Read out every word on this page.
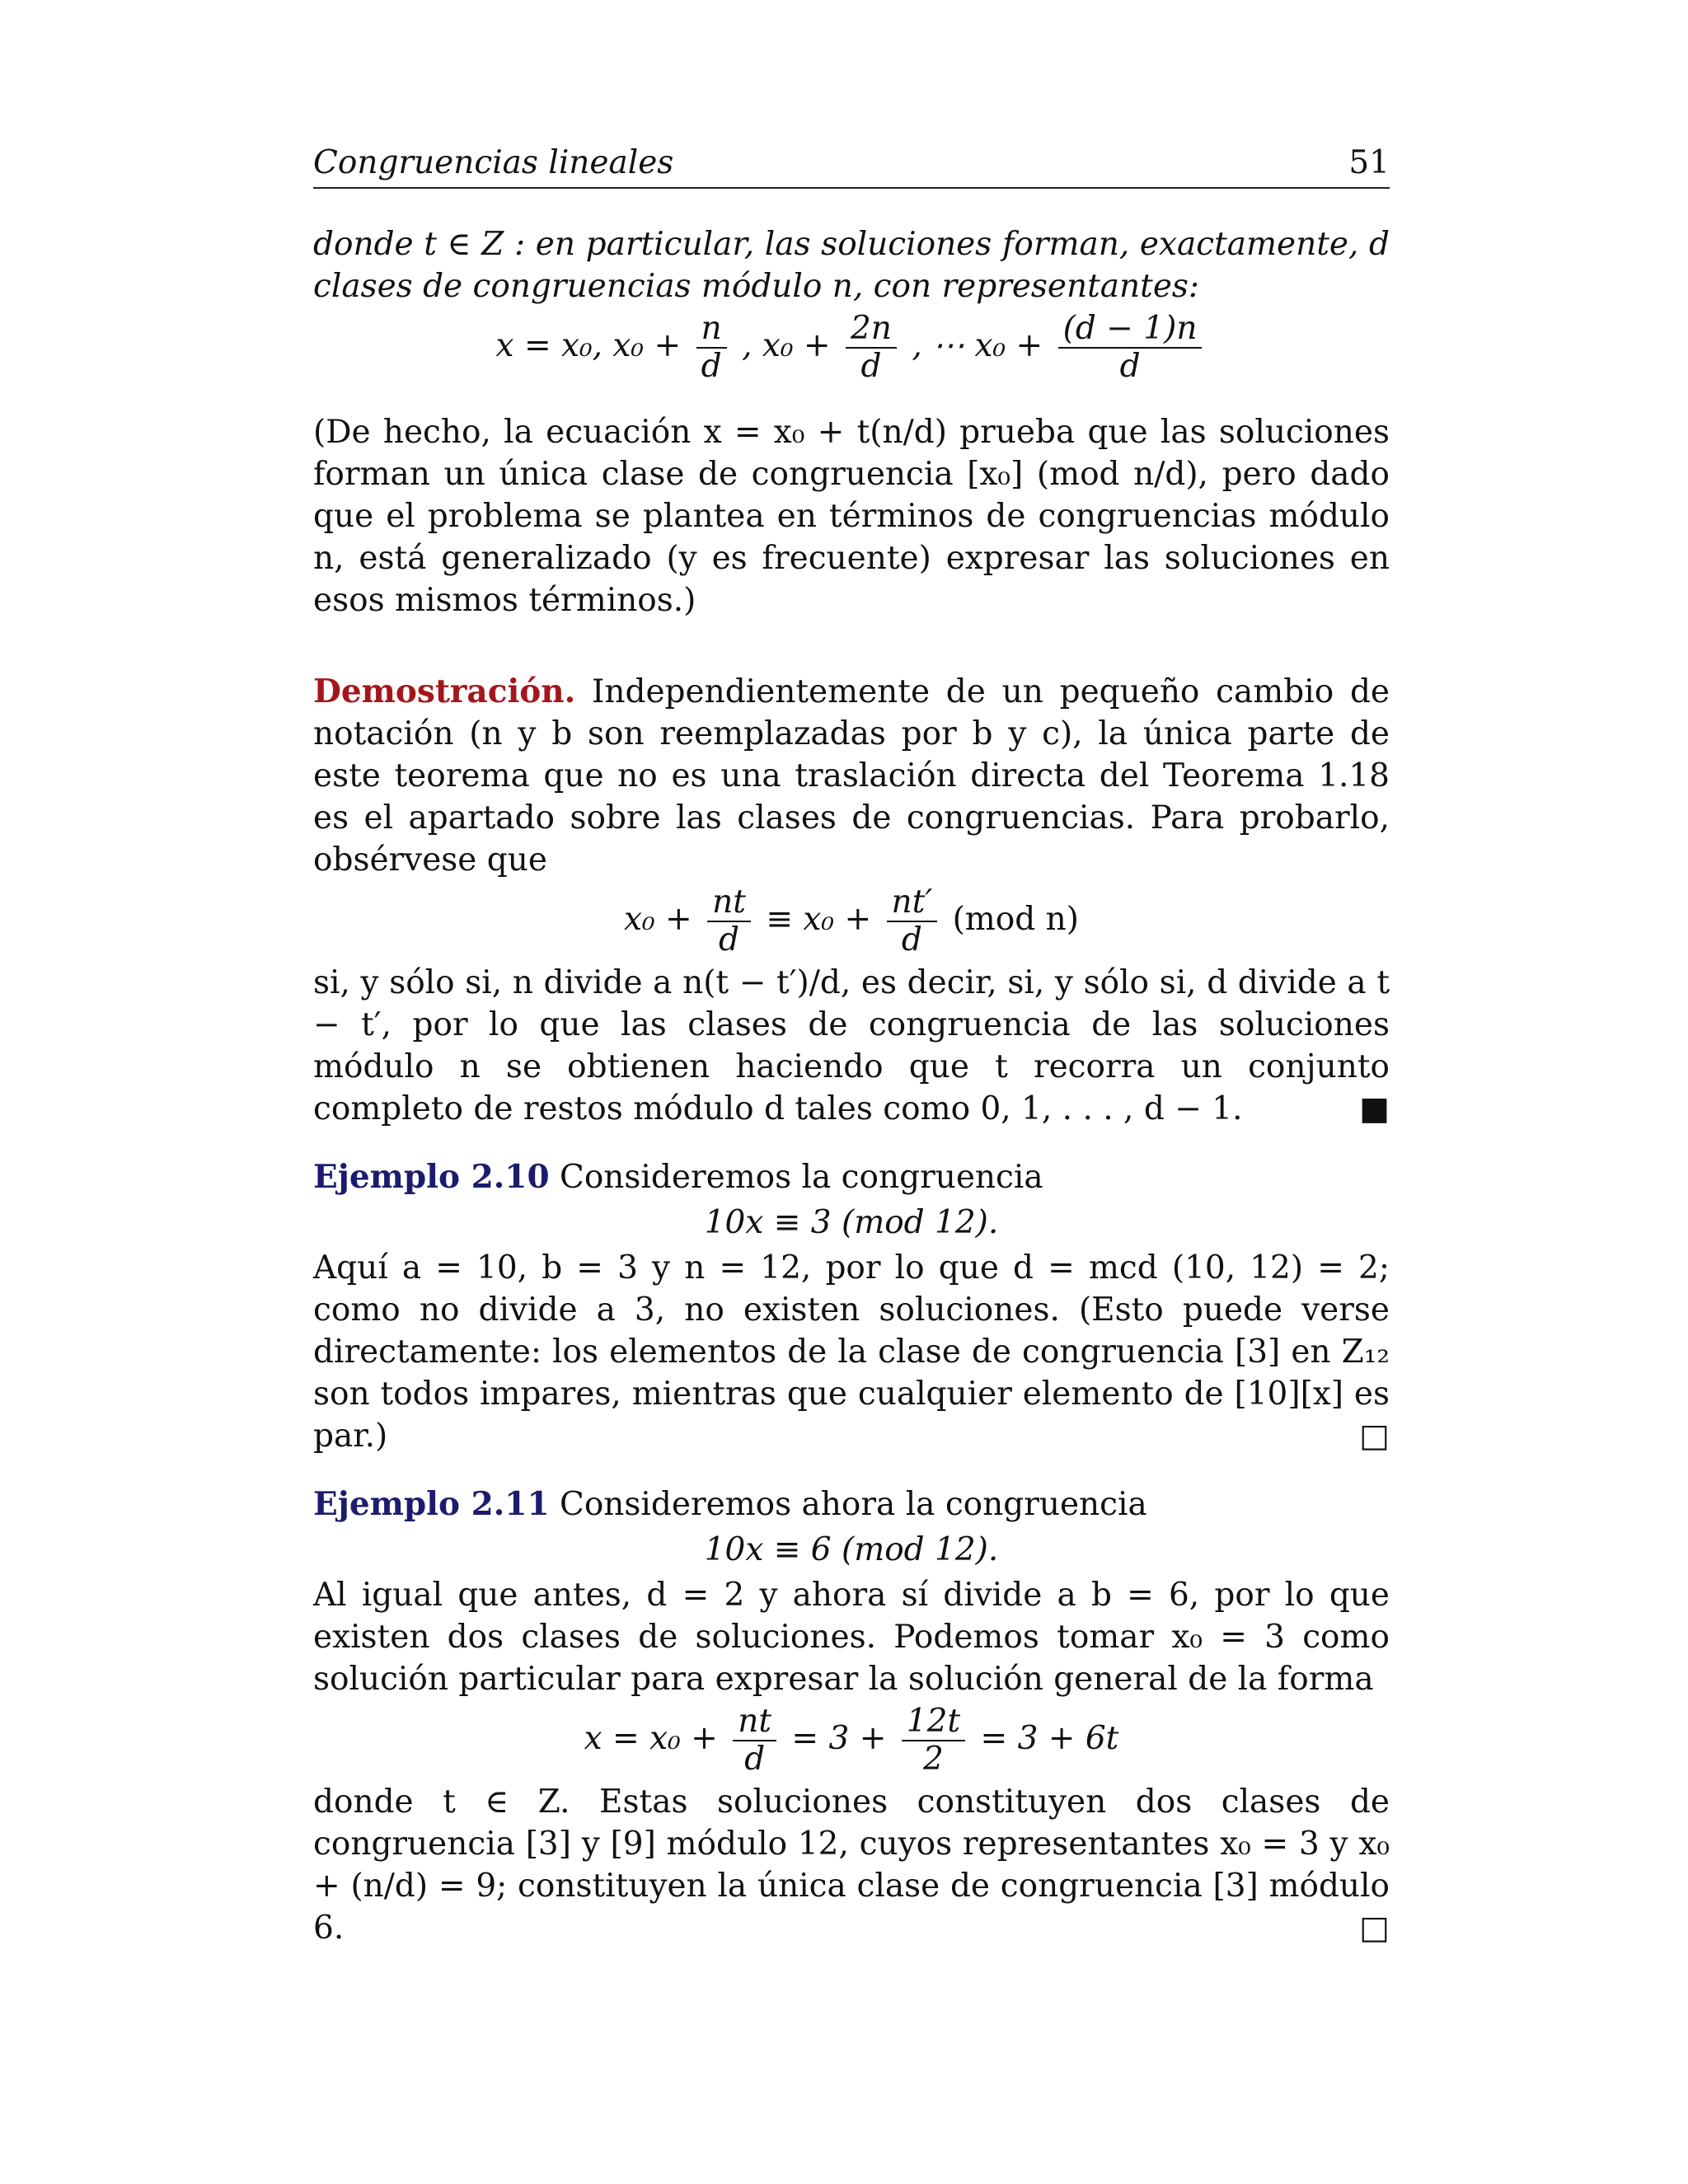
Congruencias lineales	51

donde t ∈ Z : en particular, las soluciones forman, exactamente, d clases de congruencias módulo n, con representantes:

x = x₀, $x_0 + \frac{n}{d}$ , $x_0 + \frac{2n}{d}$ , ⋯ $x_0 + \frac{(d - 1)n}{d}$

(De hecho, la ecuación x = x₀ + t(n/d) prueba que las soluciones forman un única clase de congruencia [x₀] (mod n/d), pero dado que el problema se plantea en términos de congruencias módulo n, está generalizado (y es frecuente) expresar las soluciones en esos mismos términos.)

Demostración. Independientemente de un pequeño cambio de notación (n y b son reemplazadas por b y c), la única parte de este teorema que no es una traslación directa del Teorema 1.18 es el apartado sobre las clases de congruencias. Para probarlo, obsérvese que

$x_0 + \frac{nt}{d} \equiv x_0 + \frac{nt'}{d} (mod$ n)

si, y sólo si, n divide a n(t − t′)/d, es decir, si, y sólo si, d divide a t − t′, por lo que las clases de congruencia de las soluciones módulo n se obtienen haciendo que t recorra un conjunto completo de restos módulo d tales como 0, 1, . . . , d − 1.	■

Ejemplo 2.10 Consideremos la congruencia

10x ≡ 3 (mod 12).

Aquí a = 10, b = 3 y n = 12, por lo que d = mcd (10, 12) = 2; como no divide a 3, no existen soluciones. (Esto puede verse directamente: los elementos de la clase de congruencia [3] en Z₁₂ son todos impares, mientras que cualquier elemento de [10][x] es par.)	□

Ejemplo 2.11 Consideremos ahora la congruencia

10x ≡ 6 (mod 12).

Al igual que antes, d = 2 y ahora sí divide a b = 6, por lo que existen dos clases de soluciones. Podemos tomar x₀ = 3 como solución particular para expresar la solución general de la forma

$x = x_0 + \frac{nt}{d} = 3 + \frac{12t}{2} = 3 + 6t$

donde t ∈ Z. Estas soluciones constituyen dos clases de congruencia [3] y [9] módulo 12, cuyos representantes x₀ = 3 y x₀ + (n/d) = 9; constituyen la única clase de congruencia [3] módulo 6.	□
